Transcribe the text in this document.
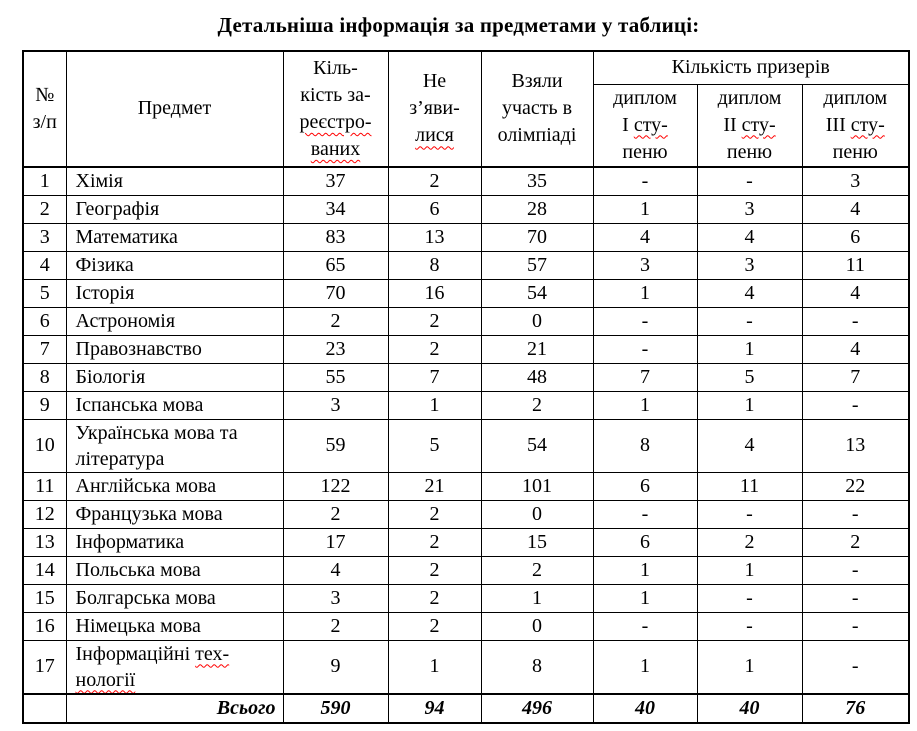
Детальніша інформація за предметами у таблиці:

№
з/п	Предмет	Кіль-
кість за-
реєстро-
ваних	Не
з’яви-
лися	Взяли
участь в
олімпіаді	Кількість призерів		

					диплом
I сту-
пеню	диплом
II сту-
пеню	диплом
III сту-
пеню

1	Хімія	37	2	35	-	-	3
2	Географія	34	6	28	1	3	4
3	Математика	83	13	70	4	4	6
4	Фізика	65	8	57	3	3	11
5	Історія	70	16	54	1	4	4
6	Астрономія	2	2	0	-	-	-
7	Правознавство	23	2	21	-	1	4
8	Біологія	55	7	48	7	5	7
9	Іспанська мова	3	1	2	1	1	-
10	Українська мова та література	59	5	54	8	4	13
11	Англійська мова	122	21	101	6	11	22
12	Французька мова	2	2	0	-	-	-
13	Інформатика	17	2	15	6	2	2
14	Польська мова	4	2	2	1	1	-
15	Болгарська мова	3	2	1	1	-	-
16	Німецька мова	2	2	0	-	-	-
17	Інформаційні тех-
нології	9	1	8	1	1	-
	Всього	590	94	496	40	40	76
